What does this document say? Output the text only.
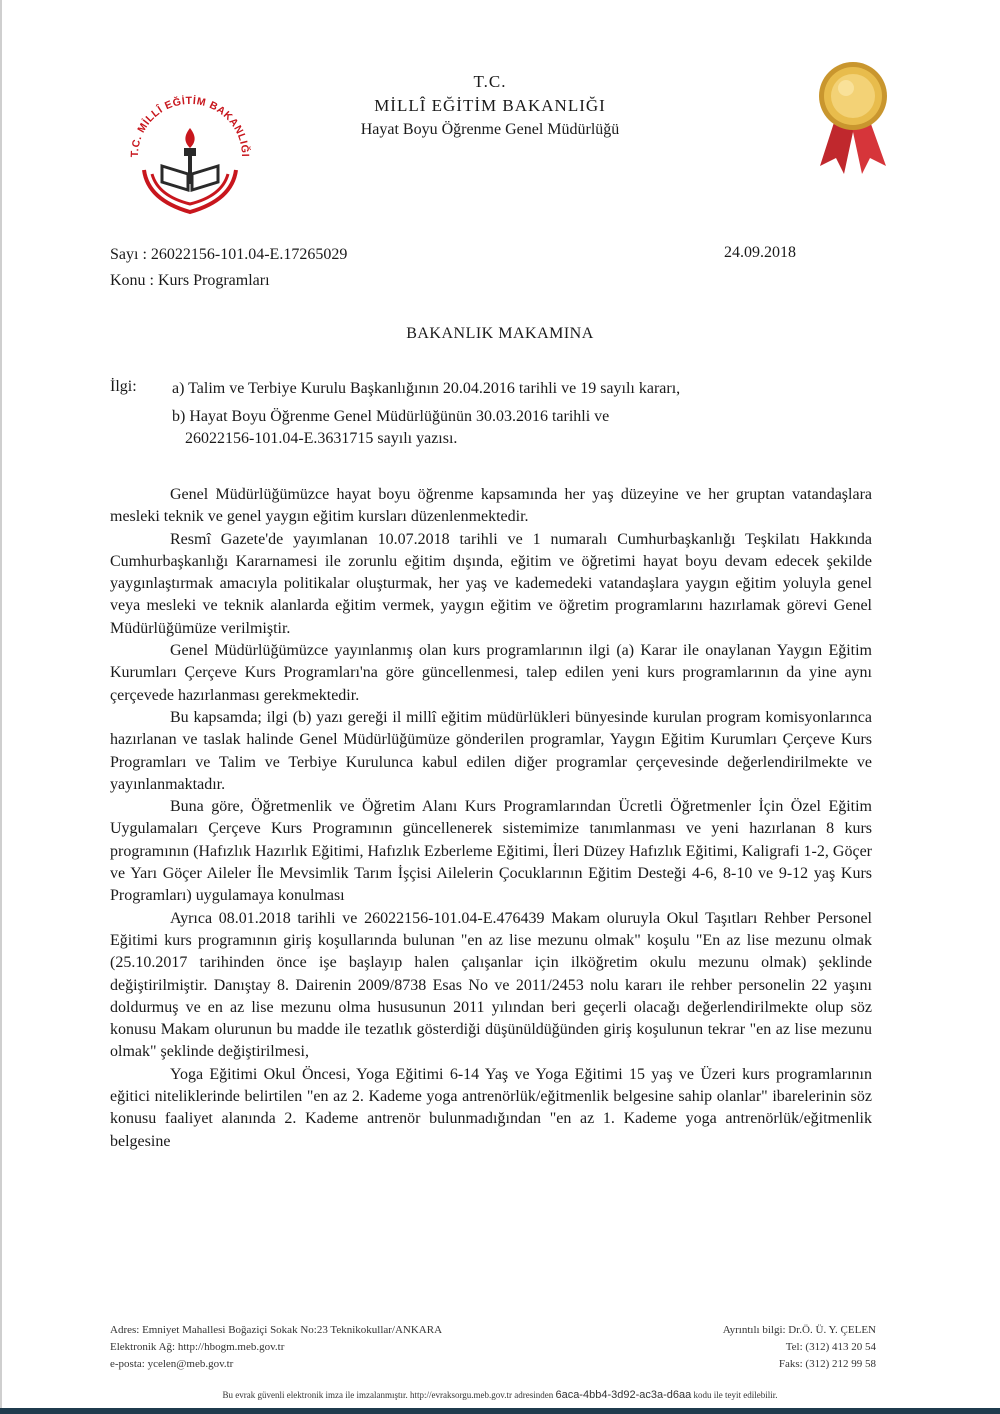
T.C. MİLLÎ EĞİTİM BAKANLIĞI
T.C.
MİLLÎ EĞİTİM BAKANLIĞI
Hayat Boyu Öğrenme Genel Müdürlüğü
Sayı : 26022156-101.04-E.17265029
Konu : Kurs Programları
24.09.2018
BAKANLIK MAKAMINA
İlgi: a) Talim ve Terbiye Kurulu Başkanlığının 20.04.2016 tarihli ve 19 sayılı kararı,
b) Hayat Boyu Öğrenme Genel Müdürlüğünün 30.03.2016 tarihli ve
26022156-101.04-E.3631715 sayılı yazısı.

Genel Müdürlüğümüzce hayat boyu öğrenme kapsamında her yaş düzeyine ve her gruptan vatandaşlara mesleki teknik ve genel yaygın eğitim kursları düzenlenmektedir.

Resmî Gazete'de yayımlanan 10.07.2018 tarihli ve 1 numaralı Cumhurbaşkanlığı Teşkilatı Hakkında Cumhurbaşkanlığı Kararnamesi ile zorunlu eğitim dışında, eğitim ve öğretimi hayat boyu devam edecek şekilde yaygınlaştırmak amacıyla politikalar oluşturmak, her yaş ve kademedeki vatandaşlara yaygın eğitim yoluyla genel veya mesleki ve teknik alanlarda eğitim vermek, yaygın eğitim ve öğretim programlarını hazırlamak görevi Genel Müdürlüğümüze verilmiştir.

Genel Müdürlüğümüzce yayınlanmış olan kurs programlarının ilgi (a) Karar ile onaylanan Yaygın Eğitim Kurumları Çerçeve Kurs Programları'na göre güncellenmesi, talep edilen yeni kurs programlarının da yine aynı çerçevede hazırlanması gerekmektedir.

Bu kapsamda; ilgi (b) yazı gereği il millî eğitim müdürlükleri bünyesinde kurulan program komisyonlarınca hazırlanan ve taslak halinde Genel Müdürlüğümüze gönderilen programlar, Yaygın Eğitim Kurumları Çerçeve Kurs Programları ve Talim ve Terbiye Kurulunca kabul edilen diğer programlar çerçevesinde değerlendirilmekte ve yayınlanmaktadır.

Buna göre, Öğretmenlik ve Öğretim Alanı Kurs Programlarından Ücretli Öğretmenler İçin Özel Eğitim Uygulamaları Çerçeve Kurs Programının güncellenerek sistemimize tanımlanması ve yeni hazırlanan 8 kurs programının (Hafızlık Hazırlık Eğitimi, Hafızlık Ezberleme Eğitimi, İleri Düzey Hafızlık Eğitimi, Kaligrafi 1-2, Göçer ve Yarı Göçer Aileler İle Mevsimlik Tarım İşçisi Ailelerin Çocuklarının Eğitim Desteği 4-6, 8-10 ve 9-12 yaş Kurs Programları) uygulamaya konulması

Ayrıca 08.01.2018 tarihli ve 26022156-101.04-E.476439 Makam oluruyla Okul Taşıtları Rehber Personel Eğitimi kurs programının giriş koşullarında bulunan "en az lise mezunu olmak" koşulu "En az lise mezunu olmak (25.10.2017 tarihinden önce işe başlayıp halen çalışanlar için ilköğretim okulu mezunu olmak) şeklinde değiştirilmiştir. Danıştay 8. Dairenin 2009/8738 Esas No ve 2011/2453 nolu kararı ile rehber personelin 22 yaşını doldurmuş ve en az lise mezunu olma hususunun 2011 yılından beri geçerli olacağı değerlendirilmekte olup söz konusu Makam olurunun bu madde ile tezatlık gösterdiği düşünüldüğünden giriş koşulunun tekrar "en az lise mezunu olmak" şeklinde değiştirilmesi,

Yoga Eğitimi Okul Öncesi, Yoga Eğitimi 6-14 Yaş ve Yoga Eğitimi 15 yaş ve Üzeri kurs programlarının eğitici niteliklerinde belirtilen "en az 2. Kademe yoga antrenörlük/eğitmenlik belgesine sahip olanlar" ibarelerinin söz konusu faaliyet alanında 2. Kademe antrenör bulunmadığından "en az 1. Kademe yoga antrenörlük/eğitmenlik belgesine

Adres: Emniyet Mahallesi Boğaziçi Sokak No:23 Teknikokullar/ANKARA	Ayrıntılı bilgi: Dr.Ö. Ü. Y. ÇELEN
Elektronik Ağ: http://hbogm.meb.gov.tr	Tel: (312) 413 20 54
e-posta: ycelen@meb.gov.tr	Faks: (312) 212 99 58
Bu evrak güvenli elektronik imza ile imzalanmıştır. http://evraksorgu.meb.gov.tr adresinden 6aca-4bb4-3d92-ac3a-d6aa kodu ile teyit edilebilir.
